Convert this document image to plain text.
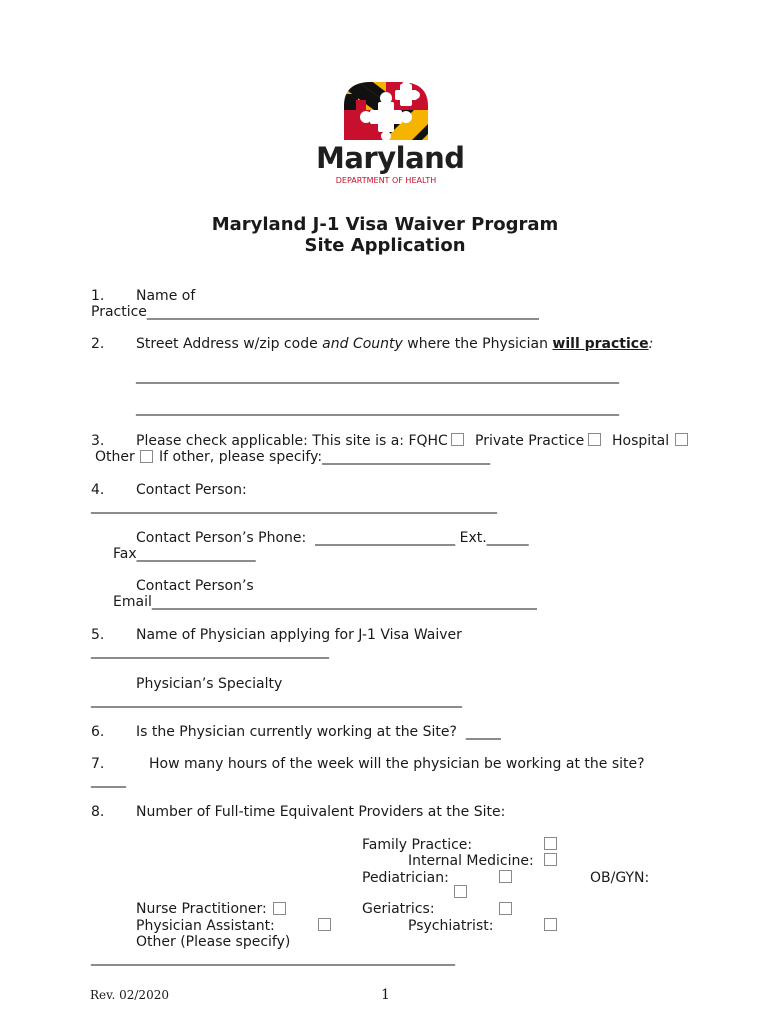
Maryland
DEPARTMENT OF HEALTH
Maryland J-1 Visa Waiver Program
Site Application
1. Name of
Practice________________________________________________________
2. Street Address w/zip code and County where the Physician will practice:
_____________________________________________________________________
_____________________________________________________________________
3. Please check applicable: This site is a: FQHC Private Practice Hospital
Other If other, please specify:________________________
4. Contact Person:
__________________________________________________________
Contact Person’s Phone:  ____________________ Ext.______
Fax_________________
Contact Person’s
Email_______________________________________________________
5. Name of Physician applying for J-1 Visa Waiver
__________________________________
Physician’s Specialty
_____________________________________________________
6. Is the Physician currently working at the Site?  _____
7.	How many hours of the week will the physician be working at the site?
_____
8. Number of Full-time Equivalent Providers at the Site:
Family Practice:
Internal Medicine:
Pediatrician:	OB/GYN:
Nurse Practitioner:	Geriatrics:
Physician Assistant:	Psychiatrist:
Other (Please specify)
____________________________________________________
Rev. 02/2020	1
